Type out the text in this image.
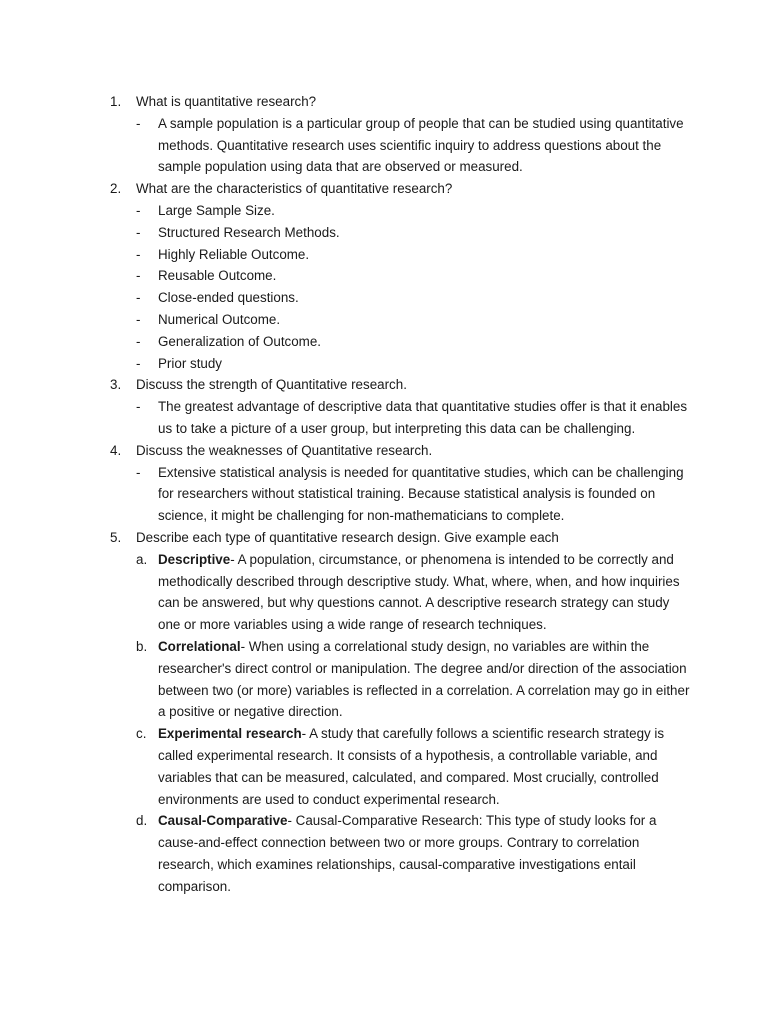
1.	What is quantitative research?
-	A sample population is a particular group of people that can be studied using quantitative methods. Quantitative research uses scientific inquiry to address questions about the sample population using data that are observed or measured.
2.	What are the characteristics of quantitative research?
-	Large Sample Size.
-	Structured Research Methods.
-	Highly Reliable Outcome.
-	Reusable Outcome.
-	Close-ended questions.
-	Numerical Outcome.
-	Generalization of Outcome.
-	Prior study
3.	Discuss the strength of Quantitative research.
-	The greatest advantage of descriptive data that quantitative studies offer is that it enables us to take a picture of a user group, but interpreting this data can be challenging.
4.	Discuss the weaknesses of Quantitative research.
-	Extensive statistical analysis is needed for quantitative studies, which can be challenging for researchers without statistical training. Because statistical analysis is founded on science, it might be challenging for non-mathematicians to complete.
5.	Describe each type of quantitative research design. Give example each
a. Descriptive- A population, circumstance, or phenomena is intended to be correctly and methodically described through descriptive study. What, where, when, and how inquiries can be answered, but why questions cannot. A descriptive research strategy can study one or more variables using a wide range of research techniques.
b. Correlational- When using a correlational study design, no variables are within the researcher's direct control or manipulation. The degree and/or direction of the association between two (or more) variables is reflected in a correlation. A correlation may go in either a positive or negative direction.
c. Experimental research- A study that carefully follows a scientific research strategy is called experimental research. It consists of a hypothesis, a controllable variable, and variables that can be measured, calculated, and compared. Most crucially, controlled environments are used to conduct experimental research.
d. Causal-Comparative- Causal-Comparative Research: This type of study looks for a cause-and-effect connection between two or more groups. Contrary to correlation research, which examines relationships, causal-comparative investigations entail comparison.
